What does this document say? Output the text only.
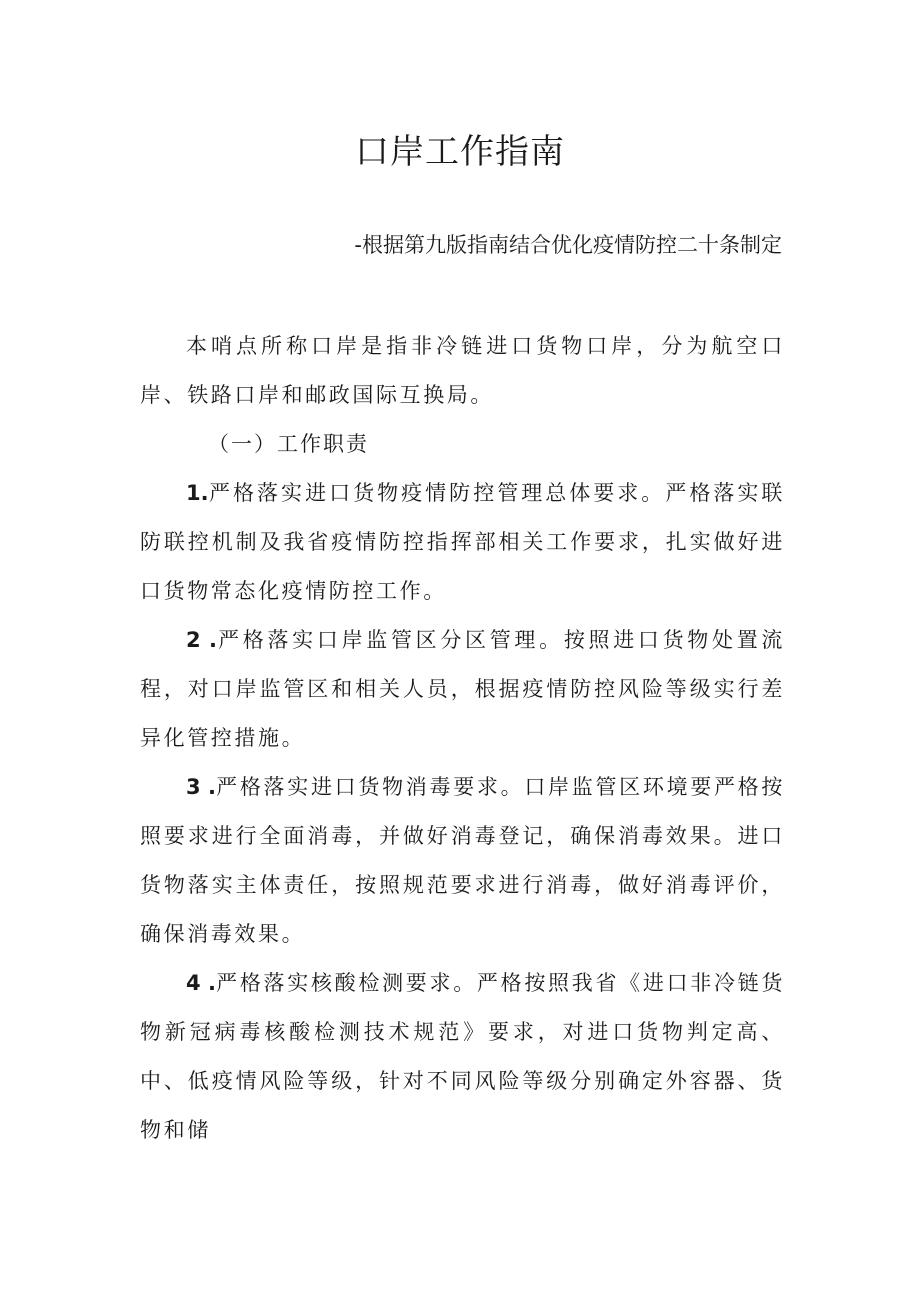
口岸工作指南
-根据第九版指南结合优化疫情防控二十条制定

本哨点所称口岸是指非冷链进口货物口岸，分为航空口岸、铁路口岸和邮政国际互换局。

（一）工作职责

1.严格落实进口货物疫情防控管理总体要求。严格落实联防联控机制及我省疫情防控指挥部相关工作要求，扎实做好进口货物常态化疫情防控工作。

2 .严格落实口岸监管区分区管理。按照进口货物处置流程，对口岸监管区和相关人员，根据疫情防控风险等级实行差异化管控措施。

3 .严格落实进口货物消毒要求。口岸监管区环境要严格按照要求进行全面消毒，并做好消毒登记，确保消毒效果。进口货物落实主体责任，按照规范要求进行消毒，做好消毒评价，确保消毒效果。

4 .严格落实核酸检测要求。严格按照我省《进口非冷链货物新冠病毒核酸检测技术规范》要求，对进口货物判定高、中、低疫情风险等级，针对不同风险等级分别确定外容器、货物和储
